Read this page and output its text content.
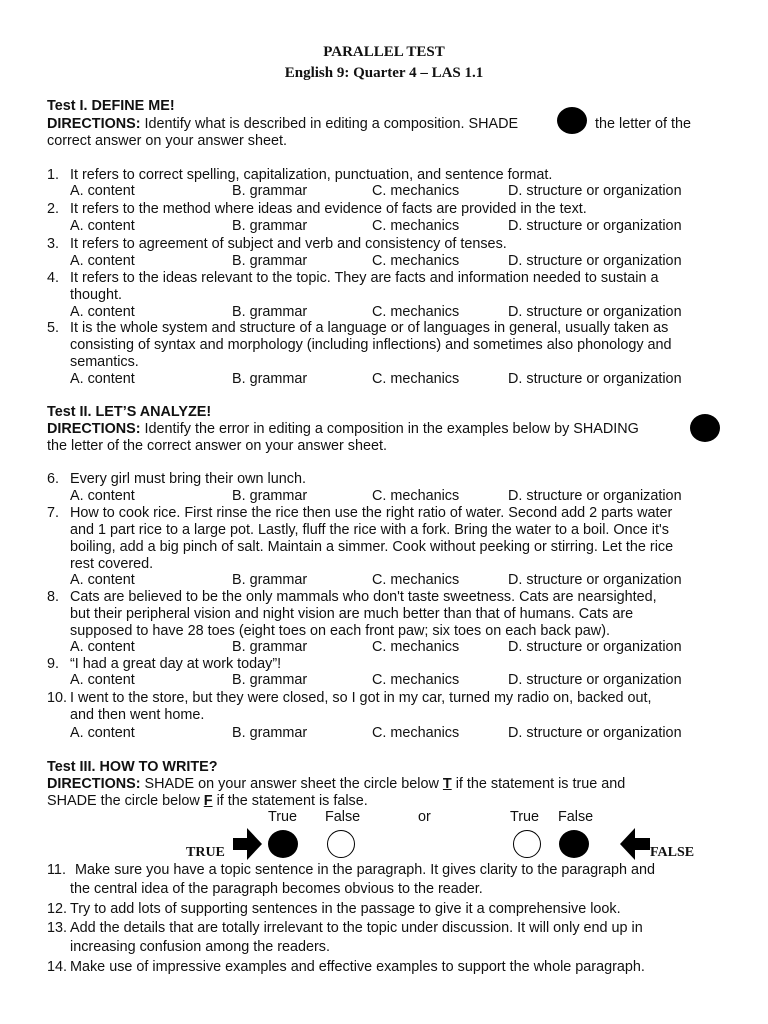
PARALLEL TEST
English 9: Quarter 4 – LAS 1.1
Test I. DEFINE ME!
DIRECTIONS: Identify what is described in editing a composition. SHADE	the letter of the
correct answer on your answer sheet.
1. It refers to correct spelling, capitalization, punctuation, and sentence format.
A. content	B. grammar	C. mechanics	D. structure or organization
2. It refers to the method where ideas and evidence of facts are provided in the text.
A. content	B. grammar	C. mechanics	D. structure or organization
3. It refers to agreement of subject and verb and consistency of tenses.
A. content	B. grammar	C. mechanics	D. structure or organization
4. It refers to the ideas relevant to the topic. They are facts and information needed to sustain a
thought.
A. content	B. grammar	C. mechanics	D. structure or organization
5. It is the whole system and structure of a language or of languages in general, usually taken as
consisting of syntax and morphology (including inflections) and sometimes also phonology and
semantics.
A. content	B. grammar	C. mechanics	D. structure or organization
Test II. LET’S ANALYZE!
DIRECTIONS: Identify the error in editing a composition in the examples below by SHADING
the letter of the correct answer on your answer sheet.
6. Every girl must bring their own lunch.
A. content	B. grammar	C. mechanics	D. structure or organization
7. How to cook rice. First rinse the rice then use the right ratio of water. Second add 2 parts water
and 1 part rice to a large pot. Lastly, fluff the rice with a fork. Bring the water to a boil. Once it's
boiling, add a big pinch of salt. Maintain a simmer. Cook without peeking or stirring. Let the rice
rest covered.
A. content	B. grammar	C. mechanics	D. structure or organization
8. Cats are believed to be the only mammals who don't taste sweetness. Cats are nearsighted,
but their peripheral vision and night vision are much better than that of humans. Cats are
supposed to have 28 toes (eight toes on each front paw; six toes on each back paw).
A. content	B. grammar	C. mechanics	D. structure or organization
9. “I had a great day at work today”!
A. content	B. grammar	C. mechanics	D. structure or organization
10. I went to the store, but they were closed, so I got in my car, turned my radio on, backed out,
and then went home.
A. content	B. grammar	C. mechanics	D. structure or organization
Test III. HOW TO WRITE?
DIRECTIONS: SHADE on your answer sheet the circle below T if the statement is true and
SHADE the circle below F if the statement is false.
True False	or	True False
TRUE	FALSE
11. Make sure you have a topic sentence in the paragraph. It gives clarity to the paragraph and
the central idea of the paragraph becomes obvious to the reader.
12. Try to add lots of supporting sentences in the passage to give it a comprehensive look.
13. Add the details that are totally irrelevant to the topic under discussion. It will only end up in
increasing confusion among the readers.
14. Make use of impressive examples and effective examples to support the whole paragraph.
